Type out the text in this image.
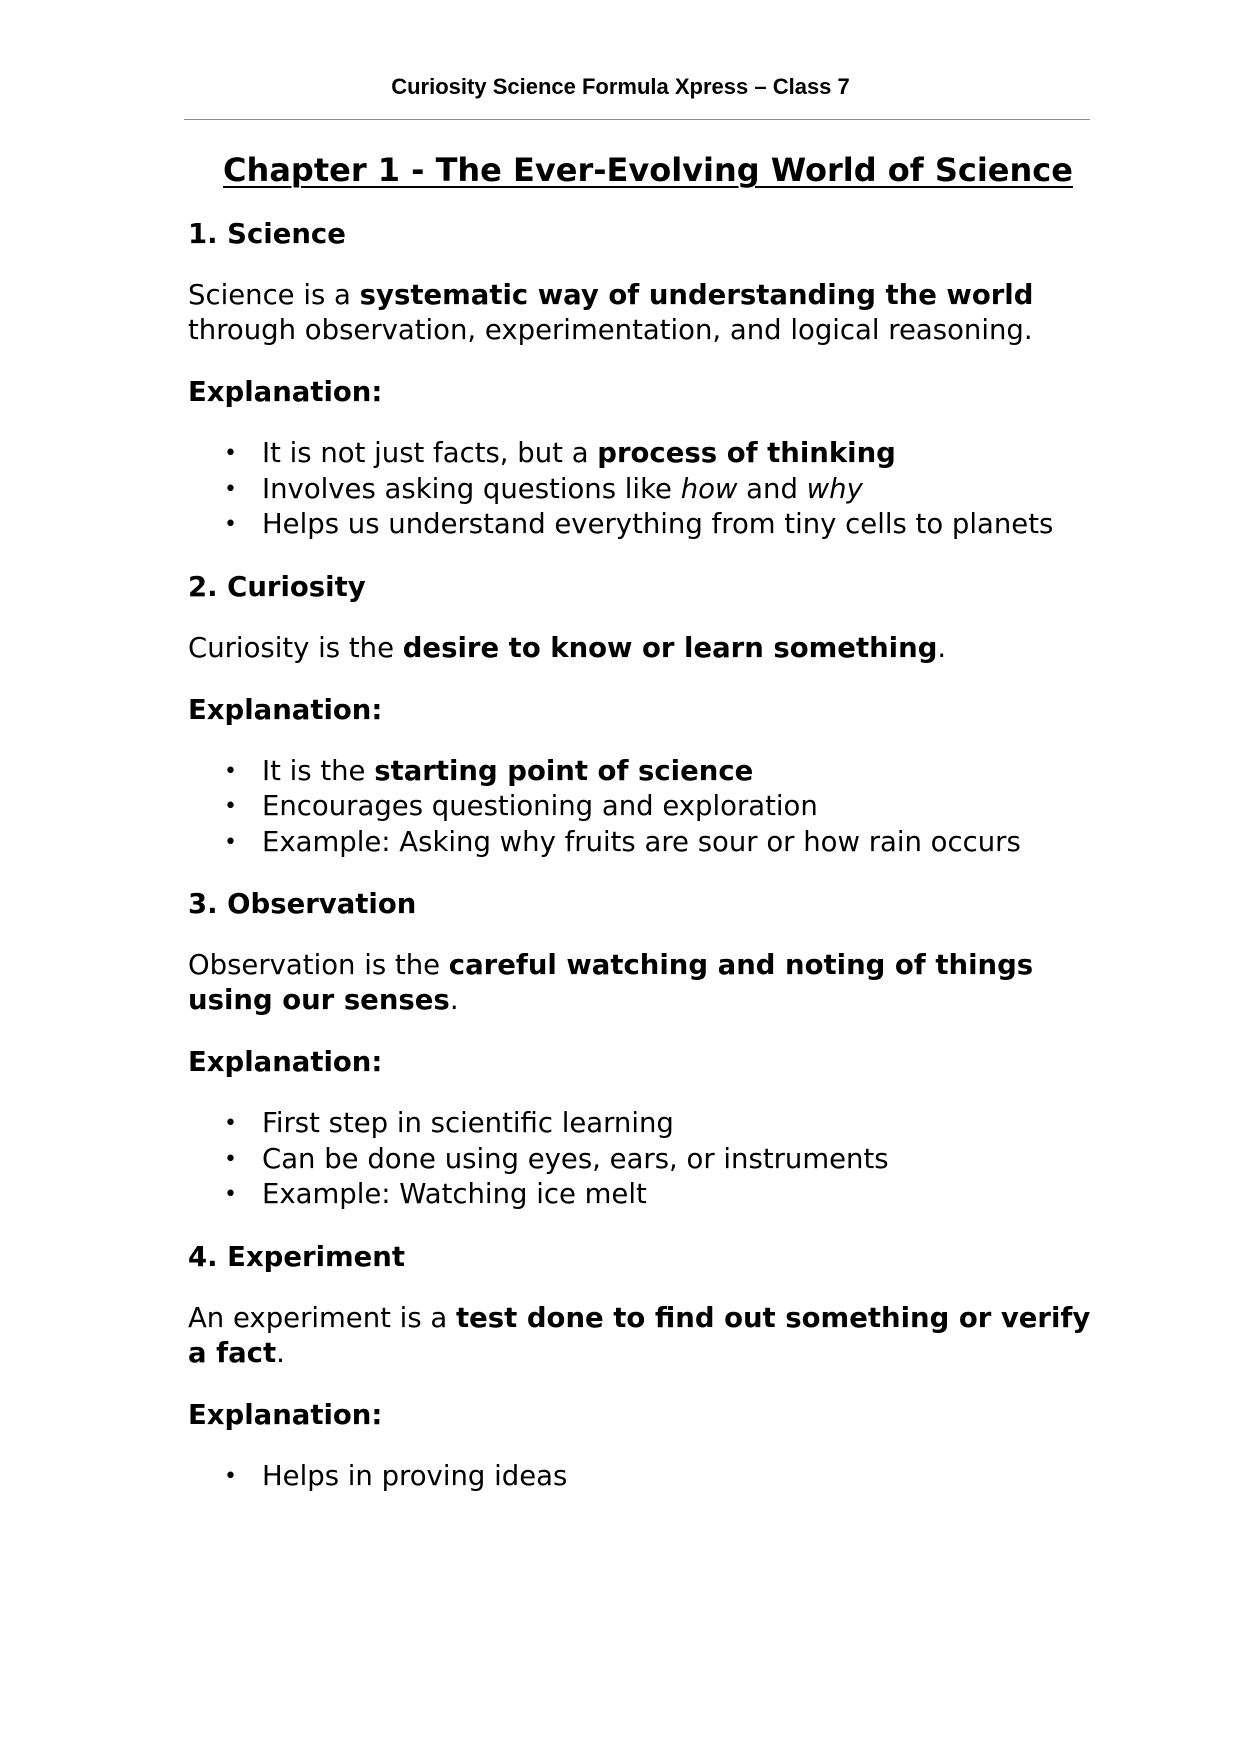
Curiosity Science Formula Xpress – Class 7
Chapter 1 - The Ever-Evolving World of Science
1. Science
Science is a systematic way of understanding the world through observation, experimentation, and logical reasoning.
Explanation:
• It is not just facts, but a process of thinking
• Involves asking questions like how and why
• Helps us understand everything from tiny cells to planets
2. Curiosity
Curiosity is the desire to know or learn something.
Explanation:
• It is the starting point of science
• Encourages questioning and exploration
• Example: Asking why fruits are sour or how rain occurs
3. Observation
Observation is the careful watching and noting of things using our senses.
Explanation:
• First step in scientific learning
• Can be done using eyes, ears, or instruments
• Example: Watching ice melt
4. Experiment
An experiment is a test done to find out something or verify a fact.
Explanation:
• Helps in proving ideas
